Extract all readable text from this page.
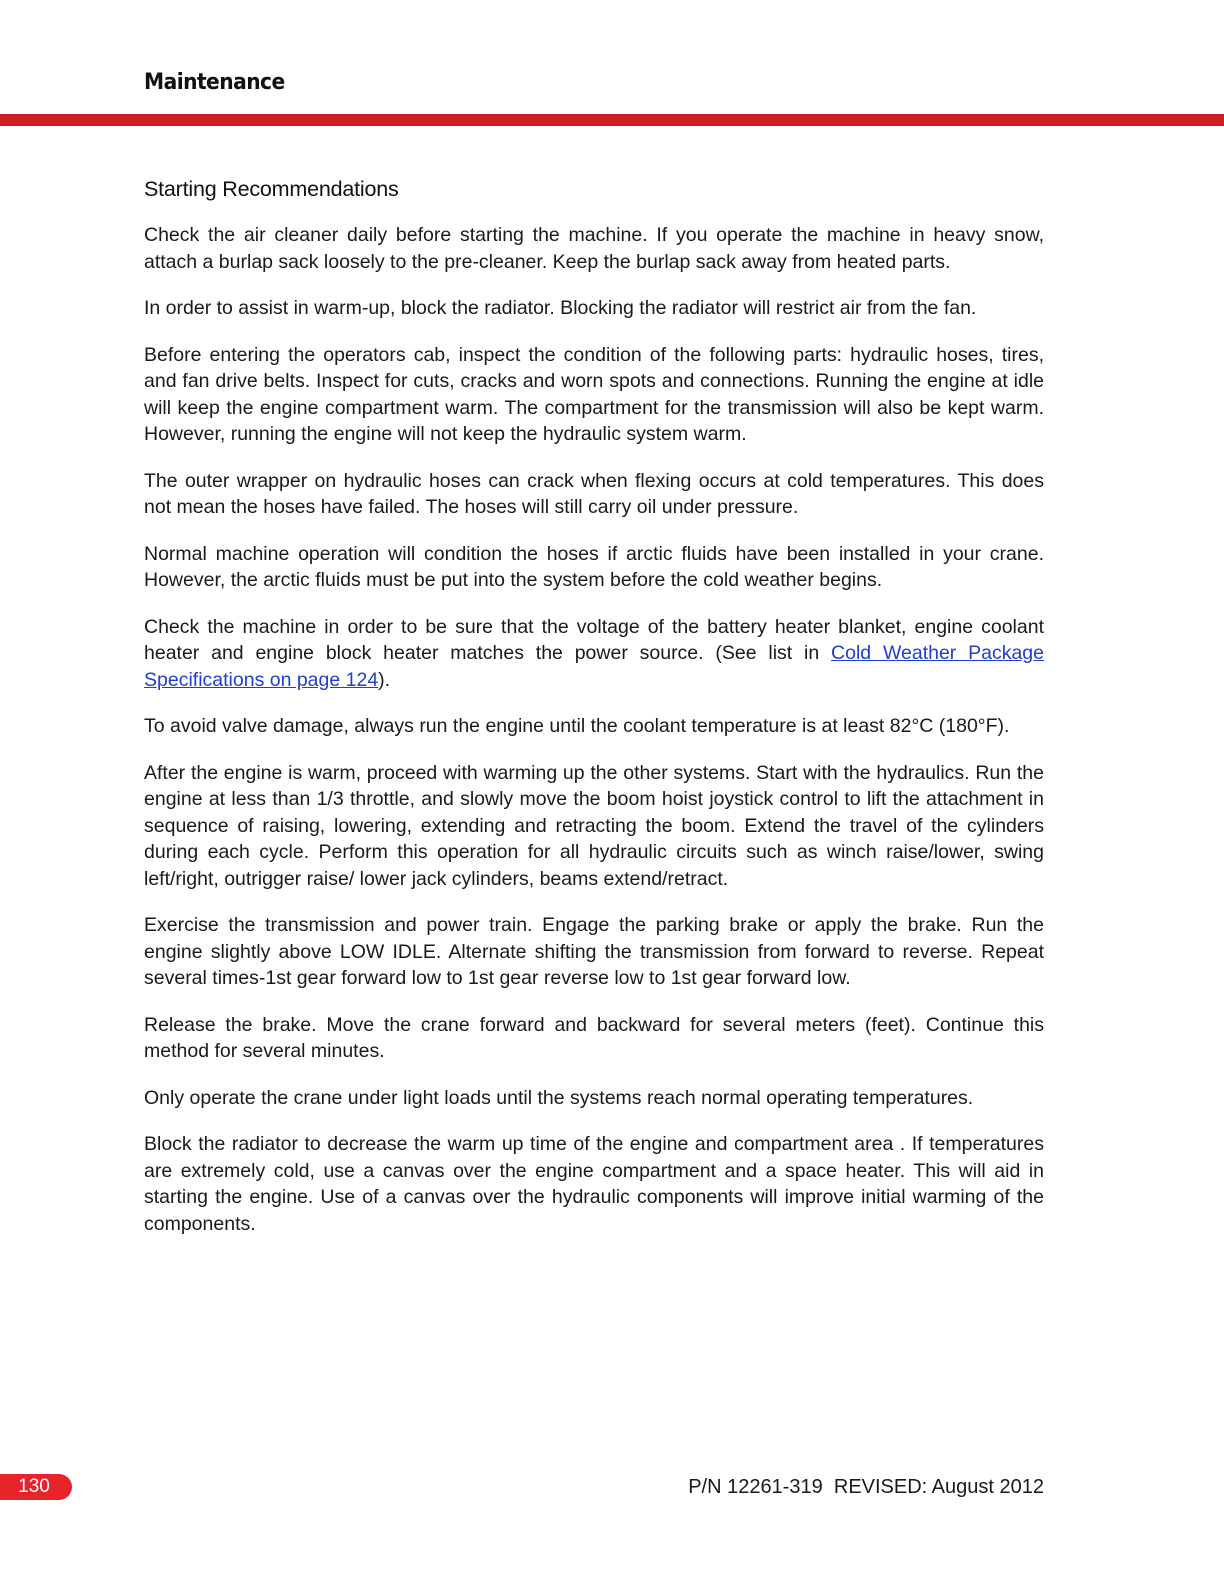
Maintenance
Starting Recommendations

Check the air cleaner daily before starting the machine. If you operate the machine in heavy snow, attach a burlap sack loosely to the pre-cleaner. Keep the burlap sack away from heated parts.

In order to assist in warm-up, block the radiator. Blocking the radiator will restrict air from the fan.

Before entering the operators cab, inspect the condition of the following parts: hydraulic hoses, tires, and fan drive belts. Inspect for cuts, cracks and worn spots and connections. Running the engine at idle will keep the engine compartment warm. The compartment for the transmission will also be kept warm. However, running the engine will not keep the hydraulic system warm.

The outer wrapper on hydraulic hoses can crack when flexing occurs at cold temperatures. This does not mean the hoses have failed. The hoses will still carry oil under pressure.

Normal machine operation will condition the hoses if arctic fluids have been installed in your crane. However, the arctic fluids must be put into the system before the cold weather begins.

Check the machine in order to be sure that the voltage of the battery heater blanket, engine coolant heater and engine block heater matches the power source. (See list in Cold Weather Package Specifications on page 124).

To avoid valve damage, always run the engine until the coolant temperature is at least 82°C (180°F).

After the engine is warm, proceed with warming up the other systems. Start with the hydraulics. Run the engine at less than 1/3 throttle, and slowly move the boom hoist joystick control to lift the attachment in sequence of raising, lowering, extending and retracting the boom. Extend the travel of the cylinders during each cycle. Perform this operation for all hydraulic circuits such as winch raise/lower, swing left/right, outrigger raise/ lower jack cylinders, beams extend/retract.

Exercise the transmission and power train. Engage the parking brake or apply the brake. Run the engine slightly above LOW IDLE. Alternate shifting the transmission from forward to reverse. Repeat several times-1st gear forward low to 1st gear reverse low to 1st gear forward low.

Release the brake. Move the crane forward and backward for several meters (feet). Continue this method for several minutes.

Only operate the crane under light loads until the systems reach normal operating temperatures.

Block the radiator to decrease the warm up time of the engine and compartment area . If temperatures are extremely cold, use a canvas over the engine compartment and a space heater. This will aid in starting the engine. Use of a canvas over the hydraulic components will improve initial warming of the components.

130	P/N 12261-319  REVISED: August 2012
